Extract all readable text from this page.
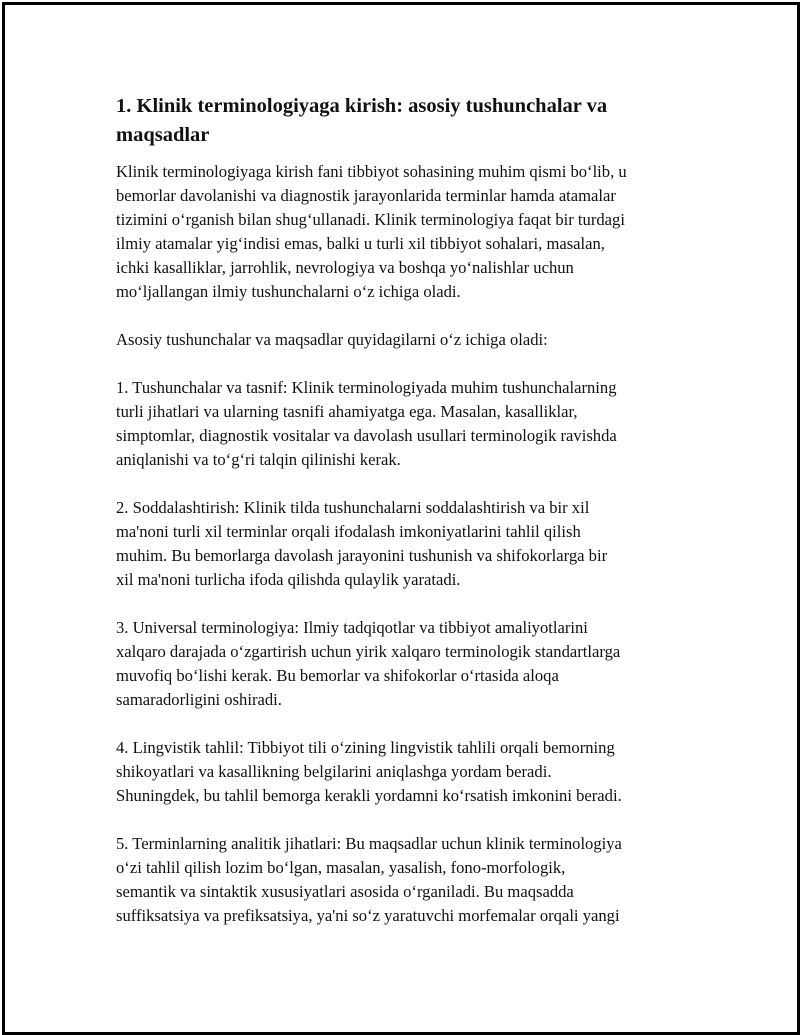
1. Klinik terminologiyaga kirish: asosiy tushunchalar va
maqsadlar

Klinik terminologiyaga kirish fani tibbiyot sohasining muhim qismi bo‘lib, u
bemorlar davolanishi va diagnostik jarayonlarida terminlar hamda atamalar
tizimini o‘rganish bilan shug‘ullanadi. Klinik terminologiya faqat bir turdagi
ilmiy atamalar yig‘indisi emas, balki u turli xil tibbiyot sohalari, masalan,
ichki kasalliklar, jarrohlik, nevrologiya va boshqa yo‘nalishlar uchun
mo‘ljallangan ilmiy tushunchalarni o‘z ichiga oladi.

Asosiy tushunchalar va maqsadlar quyidagilarni o‘z ichiga oladi:

1. Tushunchalar va tasnif: Klinik terminologiyada muhim tushunchalarning
turli jihatlari va ularning tasnifi ahamiyatga ega. Masalan, kasalliklar,
simptomlar, diagnostik vositalar va davolash usullari terminologik ravishda
aniqlanishi va to‘g‘ri talqin qilinishi kerak.

2. Soddalashtirish: Klinik tilda tushunchalarni soddalashtirish va bir xil
ma'noni turli xil terminlar orqali ifodalash imkoniyatlarini tahlil qilish
muhim. Bu bemorlarga davolash jarayonini tushunish va shifokorlarga bir
xil ma'noni turlicha ifoda qilishda qulaylik yaratadi.

3. Universal terminologiya: Ilmiy tadqiqotlar va tibbiyot amaliyotlarini
xalqaro darajada o‘zgartirish uchun yirik xalqaro terminologik standartlarga
muvofiq bo‘lishi kerak. Bu bemorlar va shifokorlar o‘rtasida aloqa
samaradorligini oshiradi.

4. Lingvistik tahlil: Tibbiyot tili o‘zining lingvistik tahlili orqali bemorning
shikoyatlari va kasallikning belgilarini aniqlashga yordam beradi.
Shuningdek, bu tahlil bemorga kerakli yordamni ko‘rsatish imkonini beradi.

5. Terminlarning analitik jihatlari: Bu maqsadlar uchun klinik terminologiya
o‘zi tahlil qilish lozim bo‘lgan, masalan, yasalish, fono-morfologik,
semantik va sintaktik xususiyatlari asosida o‘rganiladi. Bu maqsadda
suffiksatsiya va prefiksatsiya, ya'ni so‘z yaratuvchi morfemalar orqali yangi
